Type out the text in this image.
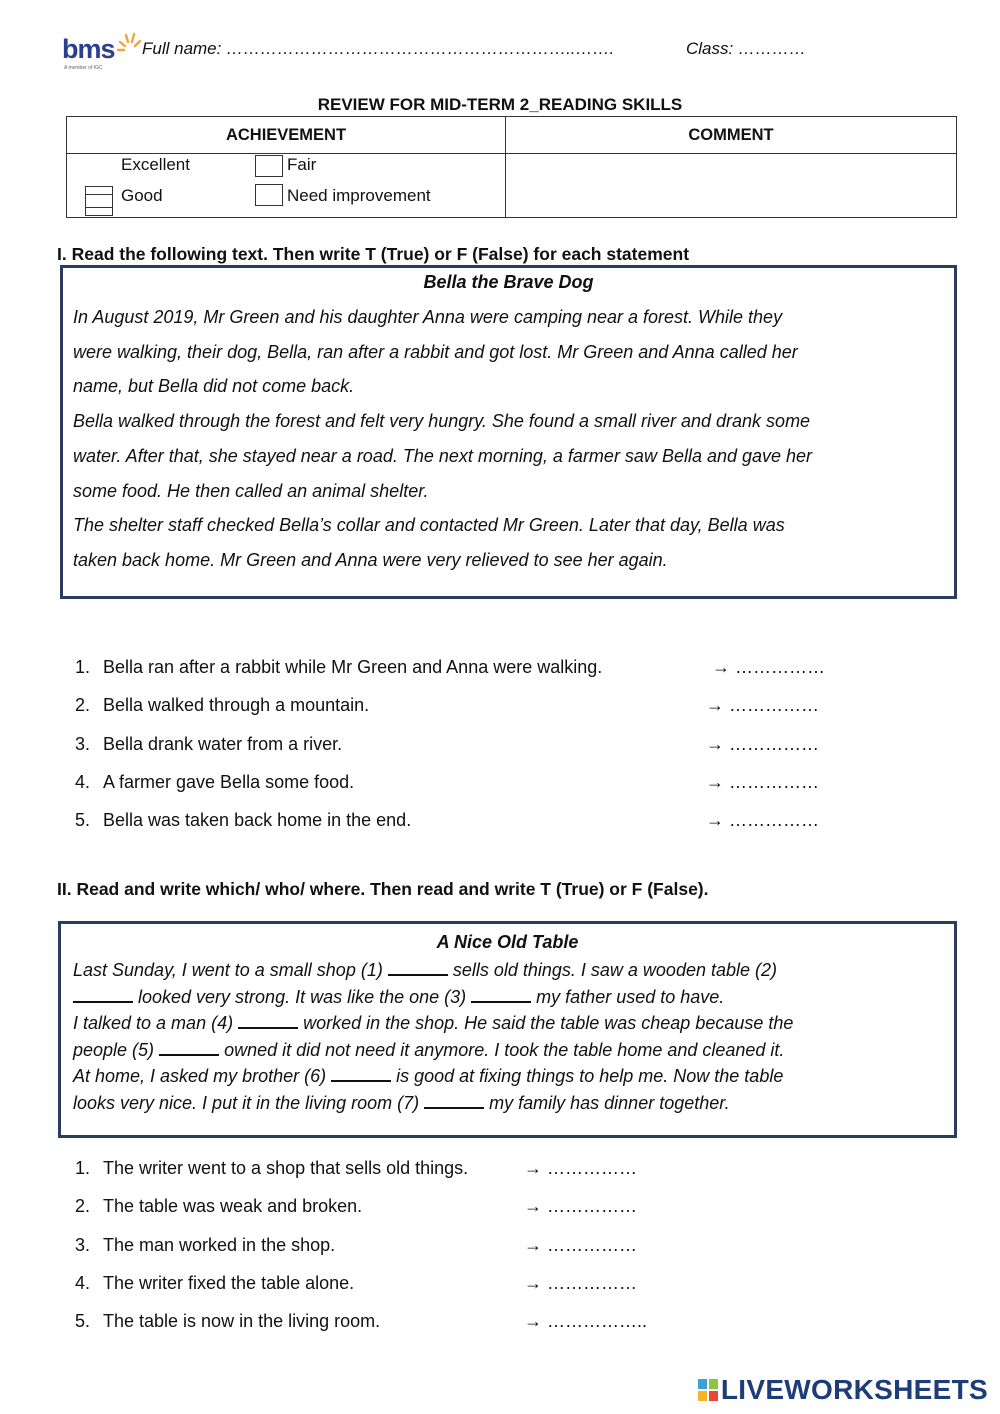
bms
A member of IGC
Full name: ……………………………………………………..…….	Class: …………
REVIEW FOR MID-TERM 2_READING SKILLS
ACHIEVEMENT	COMMENT

Excellent Fair
Good Need improvement	

I. Read the following text. Then write T (True) or F (False) for each statement
Bella the Brave Dog

In August 2019, Mr Green and his daughter Anna were camping near a forest. While they

were walking, their dog, Bella, ran after a rabbit and got lost. Mr Green and Anna called her

name, but Bella did not come back.

Bella walked through the forest and felt very hungry. She found a small river and drank some

water. After that, she stayed near a road. The next morning, a farmer saw Bella and gave her

some food. He then called an animal shelter.

The shelter staff checked Bella’s collar and contacted Mr Green. Later that day, Bella was

taken back home. Mr Green and Anna were very relieved to see her again.

1. Bella ran after a rabbit while Mr Green and Anna were walking.	→ ……………
2. Bella walked through a mountain.	→ ……………
3. Bella drank water from a river.	→ ……………
4. A farmer gave Bella some food.	→ ……………
5. Bella was taken back home in the end.	→ ……………
II. Read and write which/ who/ where. Then read and write T (True) or F (False).
A Nice Old Table

Last Sunday, I went to a small shop (1)	sells old things. I saw a wooden table (2)

looked very strong. It was like the one (3)	my father used to have.

I talked to a man (4)	worked in the shop. He said the table was cheap because the

people (5)	owned it did not need it anymore. I took the table home and cleaned it.

At home, I asked my brother (6)	is good at fixing things to help me. Now the table

looks very nice. I put it in the living room (7)	my family has dinner together.

1. The writer went to a shop that sells old things.	→ ……………
2. The table was weak and broken.	→ ……………
3. The man worked in the shop.	→ ……………
4. The writer fixed the table alone.	→ ……………
5. The table is now in the living room.	→ ……………..
LIVEWORKSHEETS
